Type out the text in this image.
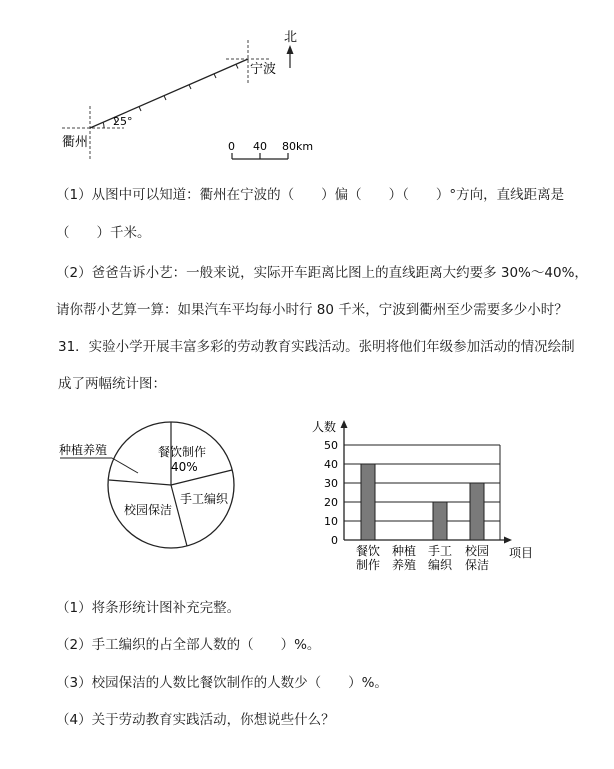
北
宁波
衢州
25°
0 40 80km
（1）从图中可以知道：衢州在宁波的（　　）偏（　　）（　　）°方向，直线距离是
（　　）千米。
（2）爸爸告诉小艺：一般来说，实际开车距离比图上的直线距离大约要多 30%～40%，
请你帮小艺算一算：如果汽车平均每小时行 80 千米，宁波到衢州至少需要多少小时？
31．实验小学开展丰富多彩的劳动教育实践活动。张明将他们年级参加活动的情况绘制
成了两幅统计图：
种植养殖	餐饮制作
40%
手工编织
校园保洁
人数
项目
0
10
20
30
40
50
餐饮
制作
种植
养殖
手工
编织
校园
保洁
（1）将条形统计图补充完整。
（2）手工编织的占全部人数的（　　）%。
（3）校园保洁的人数比餐饮制作的人数少（　　）%。
（4）关于劳动教育实践活动，你想说些什么？
